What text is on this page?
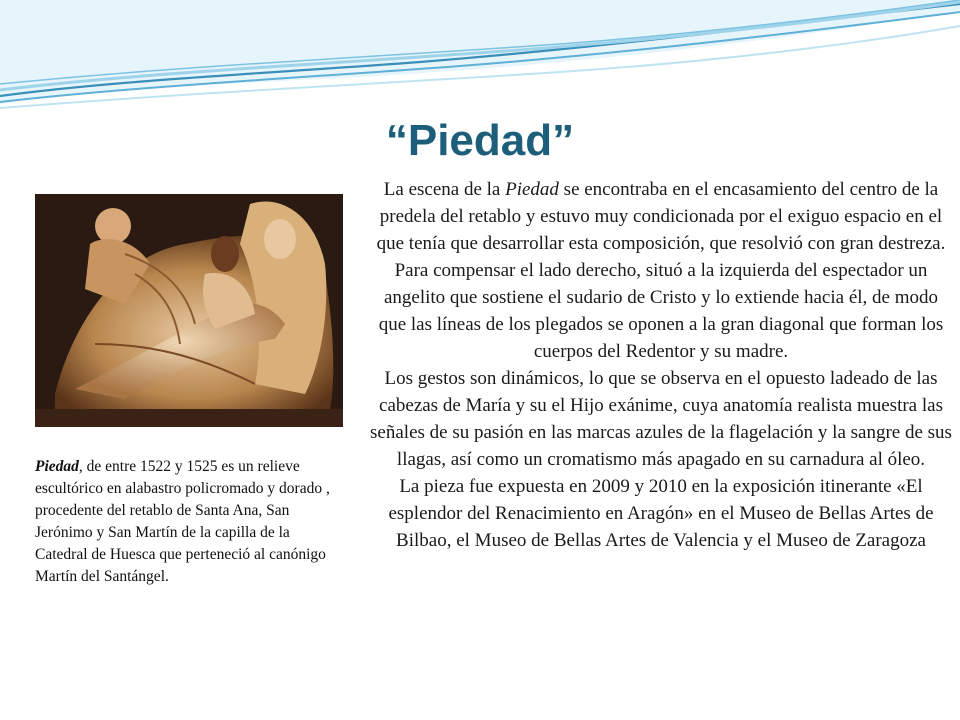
“Piedad”
Piedad, de entre 1522 y 1525 es un relieve escultórico en alabastro policromado y dorado , procedente del retablo de Santa Ana, San Jerónimo y San Martín de la capilla de la Catedral de Huesca que perteneció al canónigo Martín del Santángel.

La escena de la Piedad se encontraba en el encasamiento del centro de la predela del retablo y estuvo muy condicionada por el exiguo espacio en el que tenía que desarrollar esta composición, que resolvió con gran destreza. Para compensar el lado derecho, situó a la izquierda del espectador un angelito que sostiene el sudario de Cristo y lo extiende hacia él, de modo que las líneas de los plegados se oponen a la gran diagonal que forman los cuerpos del Redentor y su madre.

Los gestos son dinámicos, lo que se observa en el opuesto ladeado de las cabezas de María y su el Hijo exánime, cuya anatomía realista muestra las señales de su pasión en las marcas azules de la flagelación y la sangre de sus llagas, así como un cromatismo más apagado en su carnadura al óleo.

La pieza fue expuesta en 2009 y 2010 en la exposición itinerante «El esplendor del Renacimiento en Aragón» en el Museo de Bellas Artes de Bilbao, el Museo de Bellas Artes de Valencia y el Museo de Zaragoza
